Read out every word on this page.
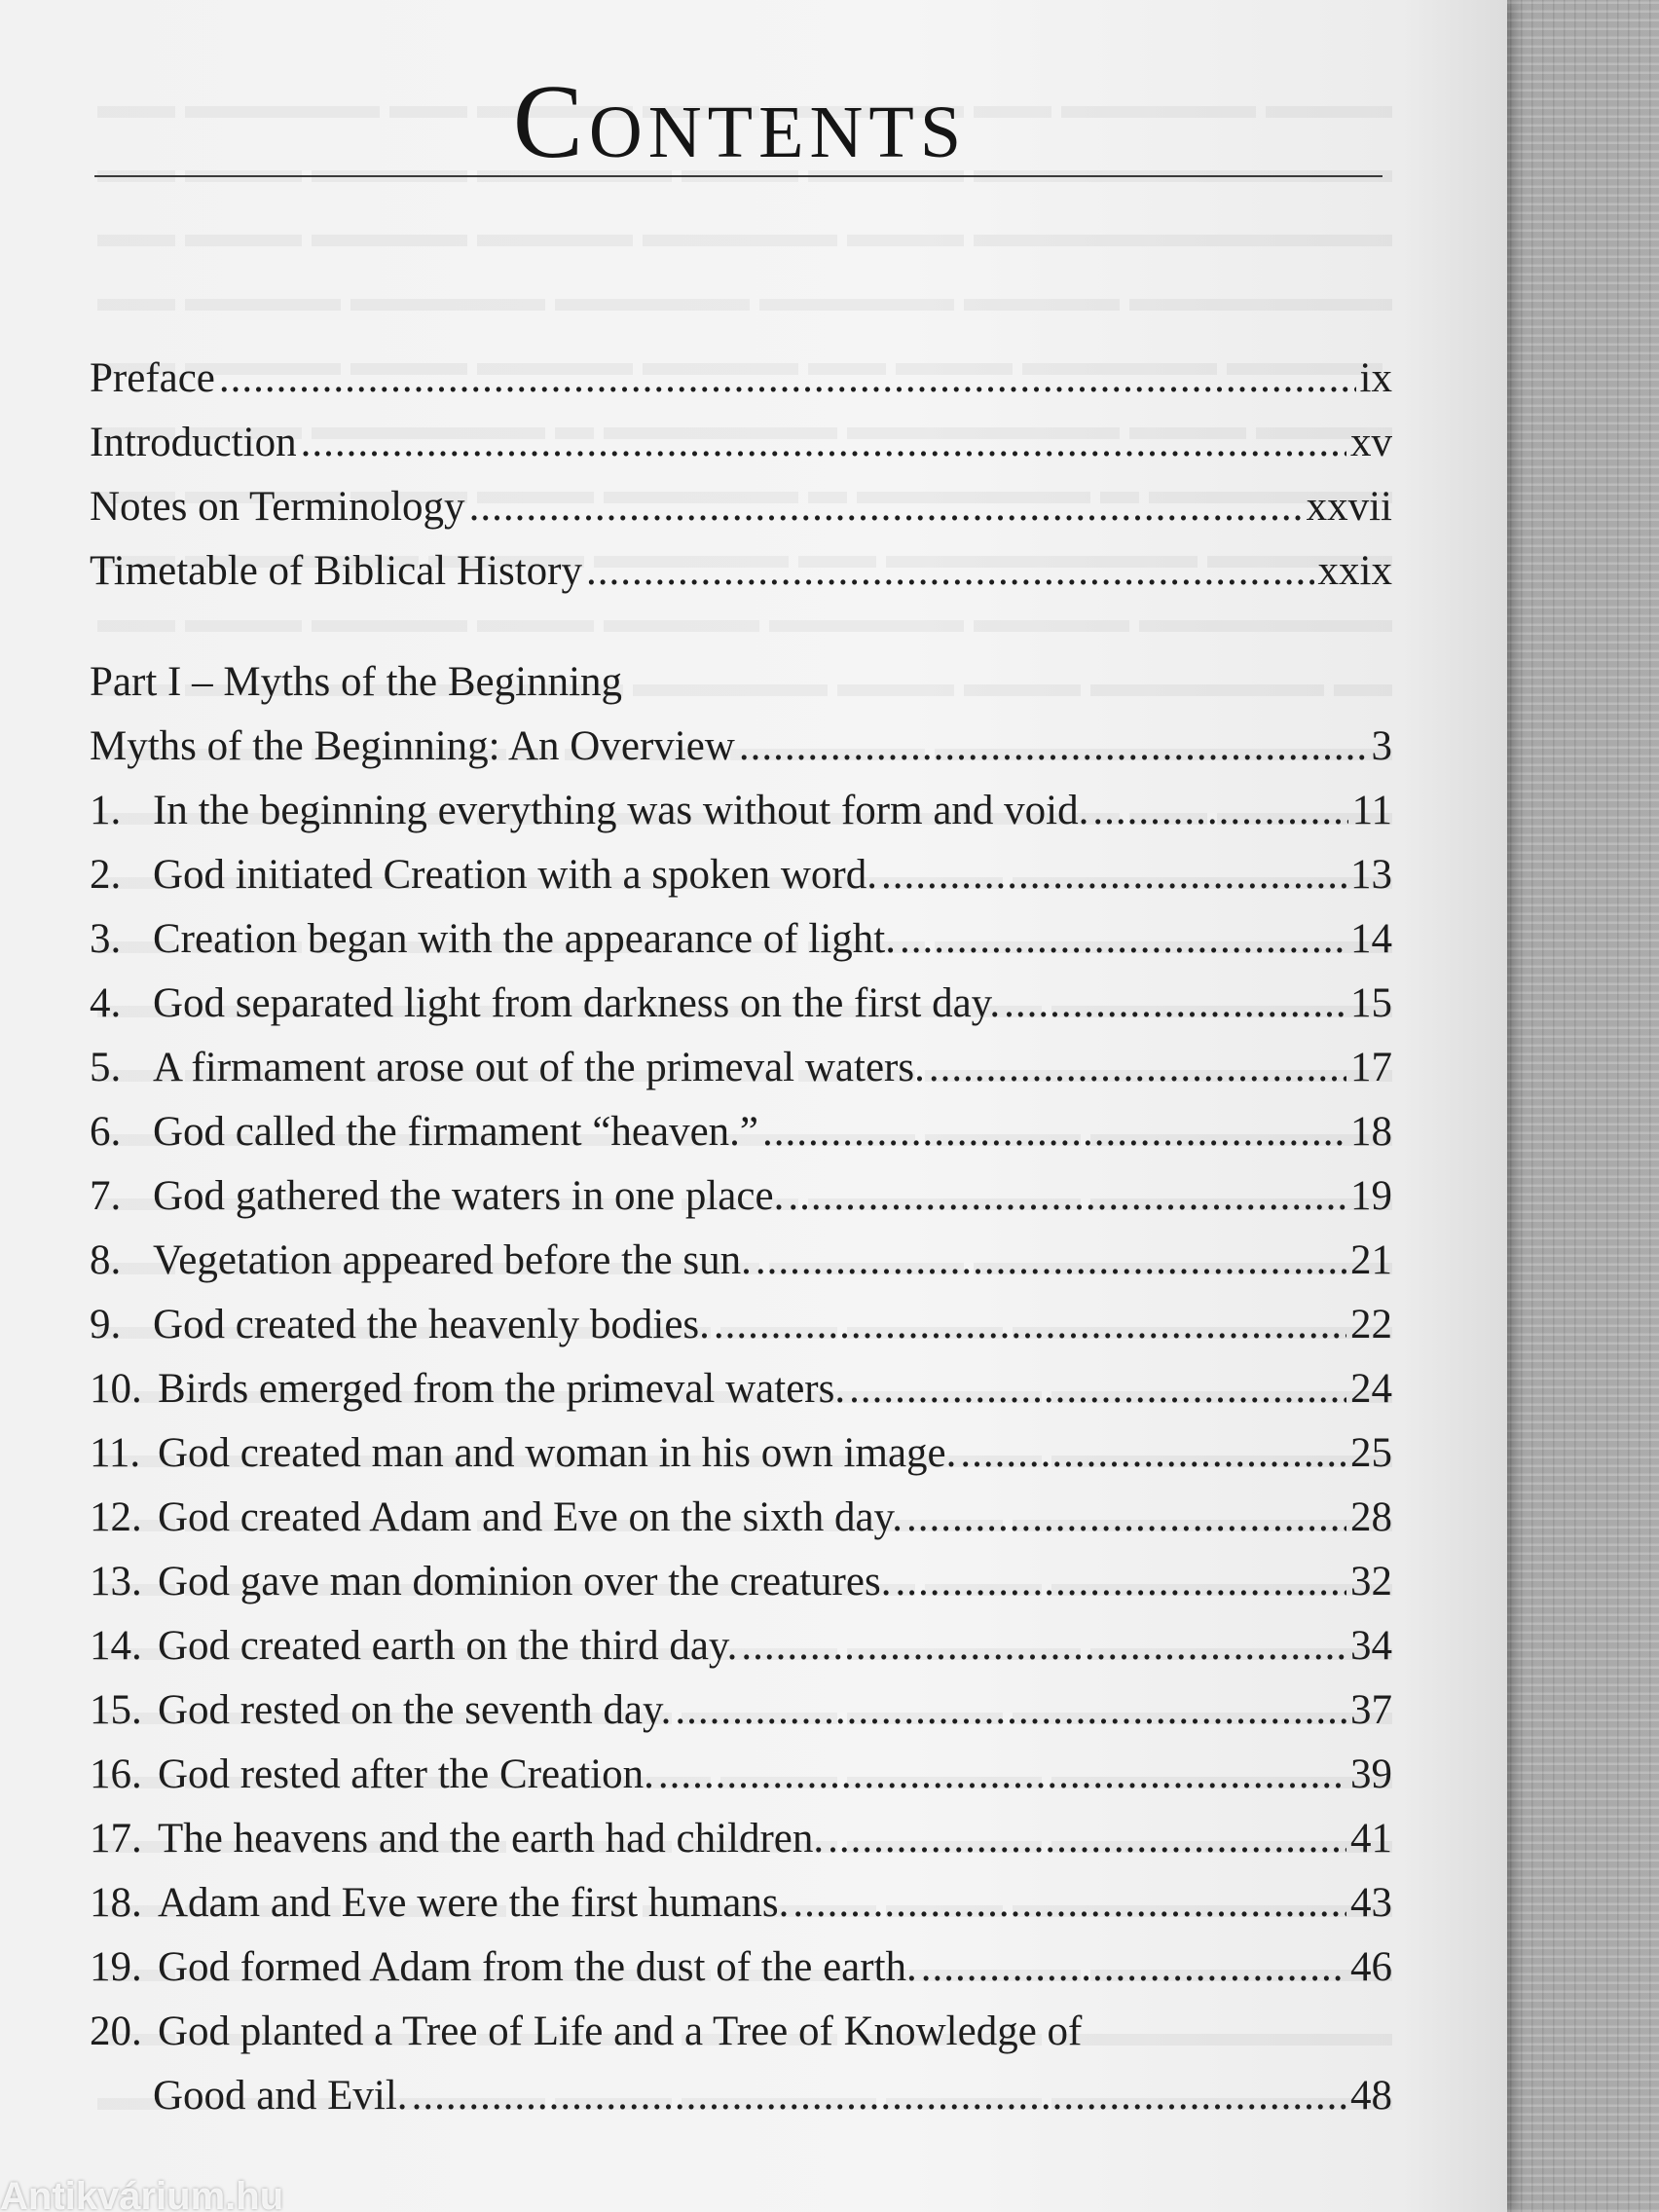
Contents
Preface .....	ix
Introduction .....	xv
Notes on Terminology .....	xxvii
Timetable of Biblical History .....	xxix
Part I – Myths of the Beginning
Myths of the Beginning: An Overview .....	3
1. In the beginning everything was without form and void. .....	11
2. God initiated Creation with a spoken word. .....	13
3. Creation began with the appearance of light. .....	14
4. God separated light from darkness on the first day. .....	15
5. A firmament arose out of the primeval waters. .....	17
6. God called the firmament “heaven.” .....	18
7. God gathered the waters in one place. .....	19
8. Vegetation appeared before the sun. .....	21
9. God created the heavenly bodies. .....	22
10. Birds emerged from the primeval waters. .....	24
11. God created man and woman in his own image. .....	25
12. God created Adam and Eve on the sixth day. .....	28
13. God gave man dominion over the creatures. .....	32
14. God created earth on the third day. .....	34
15. God rested on the seventh day. .....	37
16. God rested after the Creation. .....	39
17. The heavens and the earth had children. .....	41
18. Adam and Eve were the first humans. .....	43
19. God formed Adam from the dust of the earth. .....	46
20. God planted a Tree of Life and a Tree of Knowledge of
Good and Evil. .....	48
Antikvárium.hu
